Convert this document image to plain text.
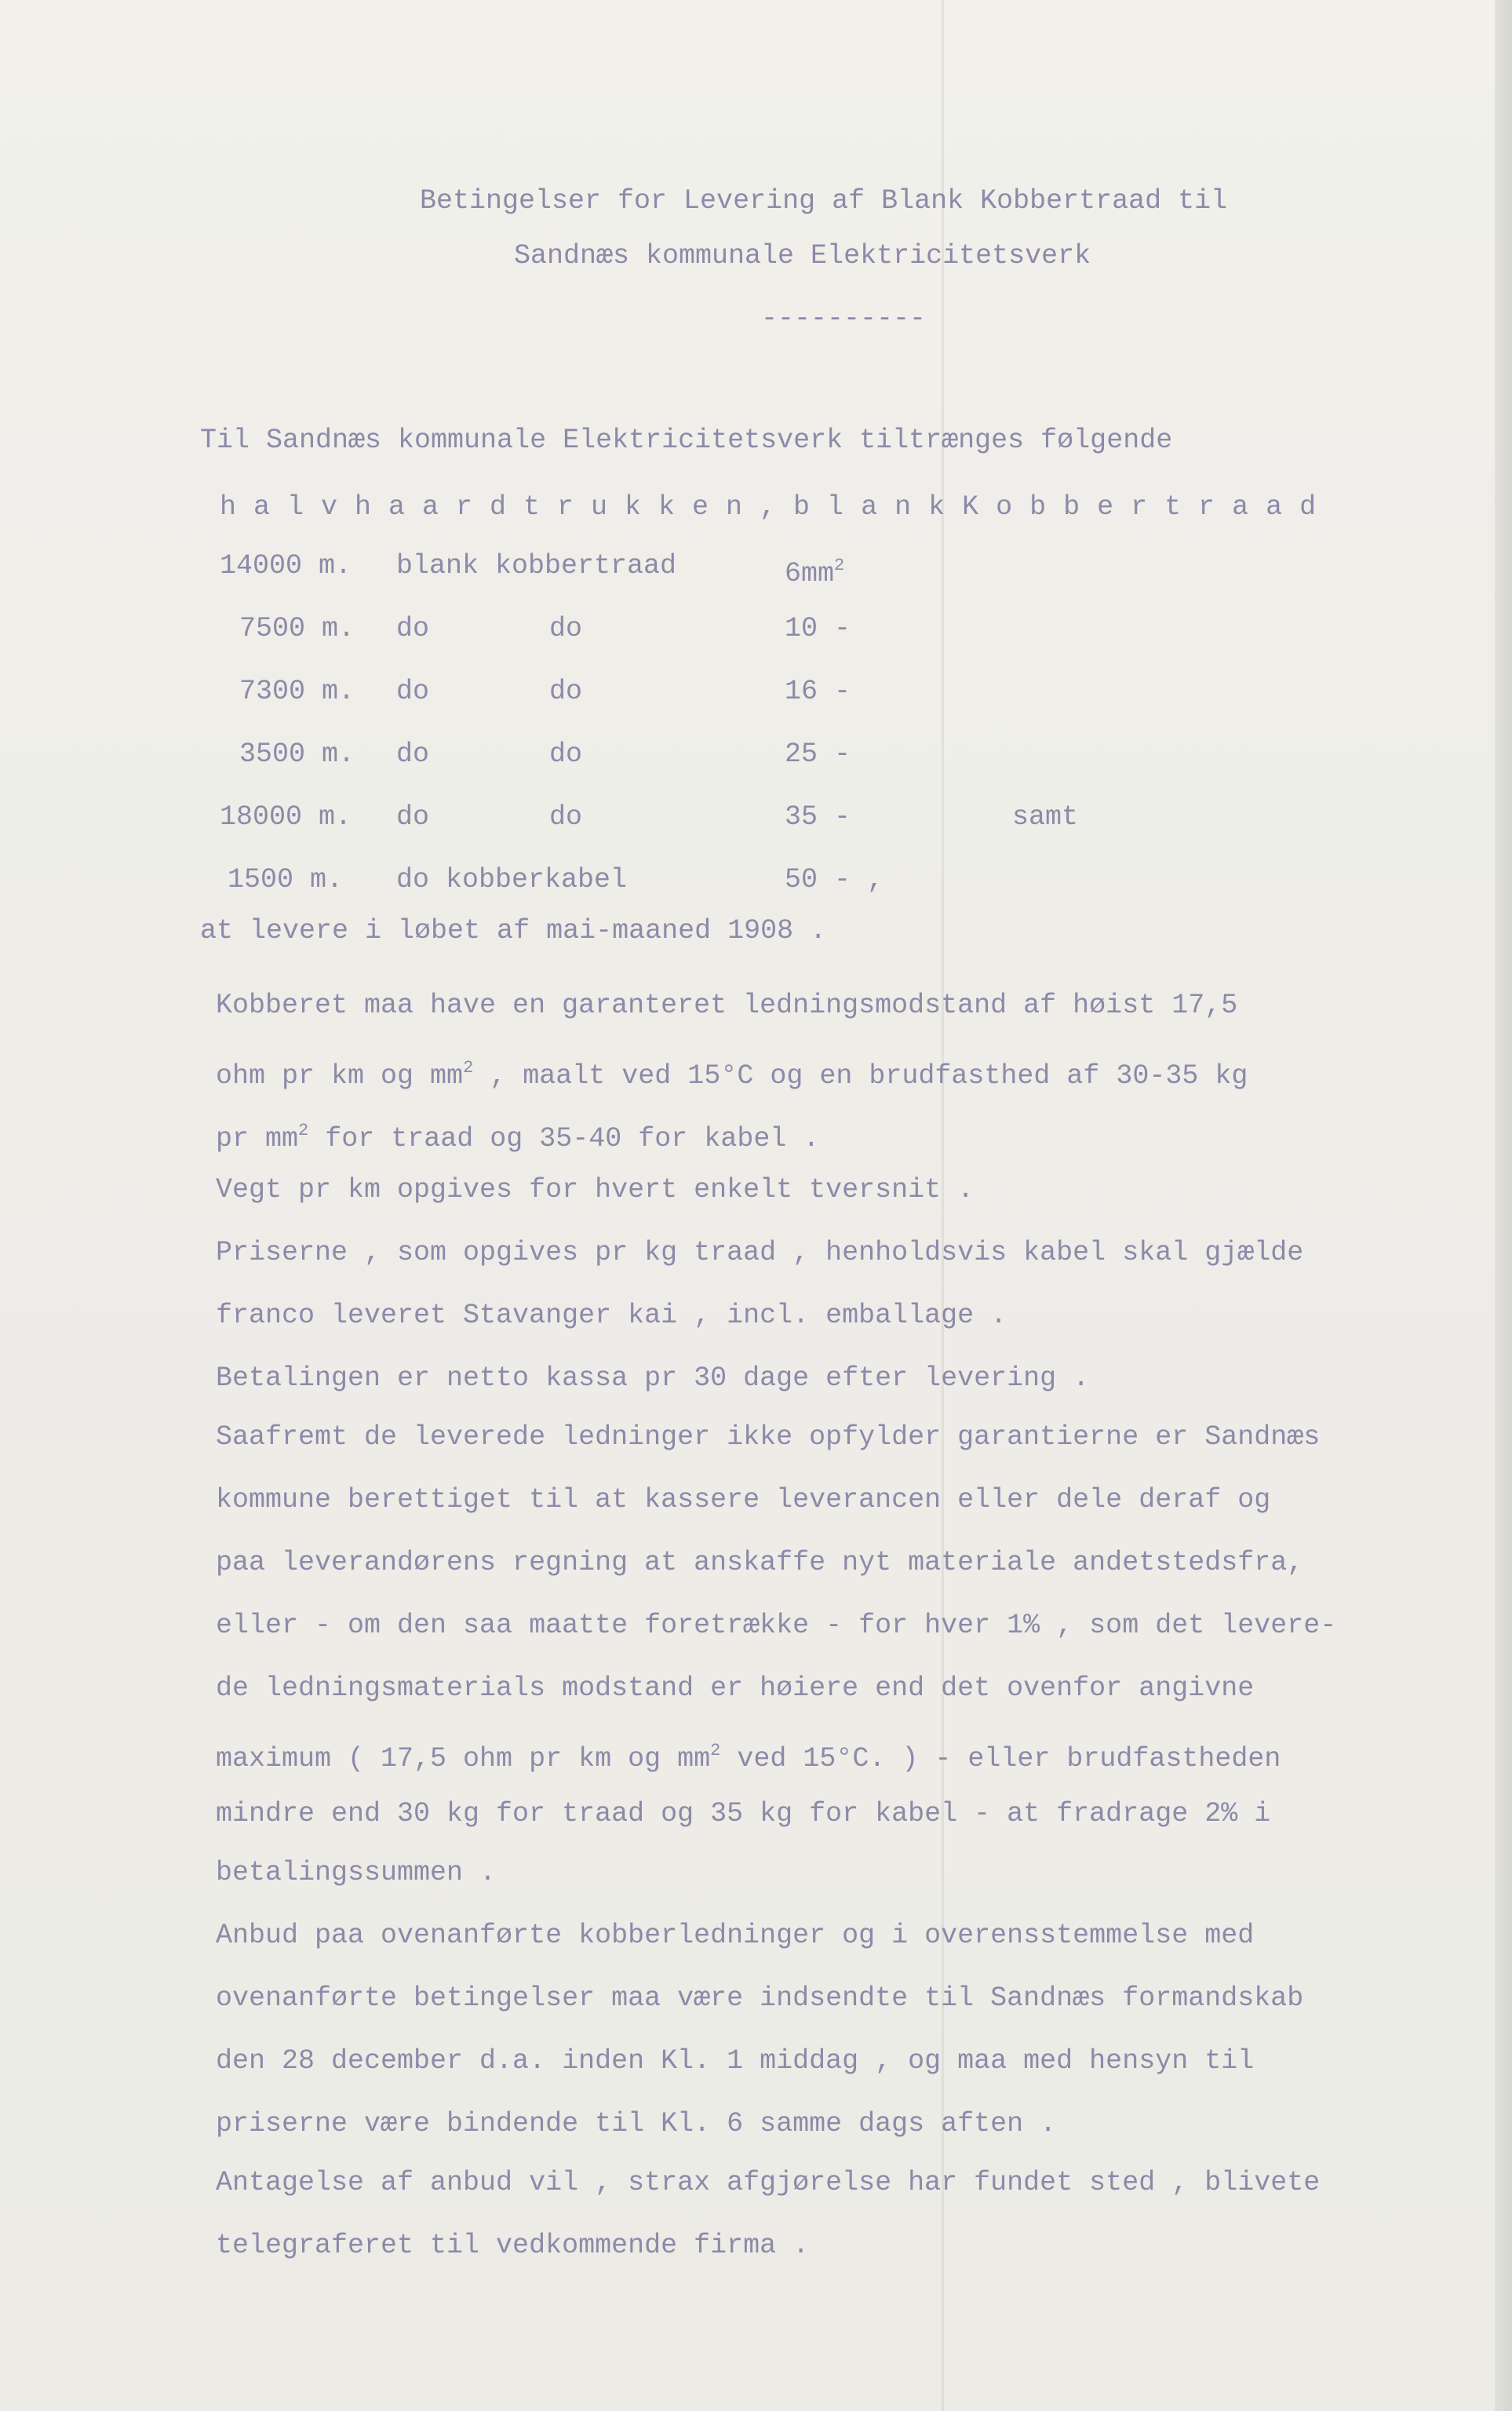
Betingelser for Levering af Blank Kobbertraad til
Sandnæs kommunale Elektricitetsverk
----------
Til Sandnæs kommunale Elektricitetsverk tiltrænges følgende
halvhaardtrukken,blankKobbertraad
14000 m. blank kobbertraad	$6mm^2$
7500 m. do	do	10 -
7300 m. do	do	16 -
3500 m. do	do	25 -
18000 m. do	do	35 -	samt
1500 m. do kobberkabel	50 - ,
at levere i løbet af mai-maaned 1908 .
Kobberet maa have en garanteret ledningsmodstand af høist 17,5
ohm pr km og $mm^2$ , maalt ved 15°C og en brudfasthed af 30-35 kg
pr $mm^2$ for traad og 35-40 for kabel .
Vegt pr km opgives for hvert enkelt tversnit .
Priserne , som opgives pr kg traad , henholdsvis kabel skal gjælde
franco leveret Stavanger kai , incl. emballage .
Betalingen er netto kassa pr 30 dage efter levering .
Saafremt de leverede ledninger ikke opfylder garantierne er Sandnæs
kommune berettiget til at kassere leverancen eller dele deraf og
paa leverandørens regning at anskaffe nyt materiale andetstedsfra,
eller - om den saa maatte foretrække - for hver 1% , som det levere-
de ledningsmaterials modstand er høiere end det ovenfor angivne
maximum ( 17,5 ohm pr km og $mm^2$ ved 15°C. ) - eller brudfastheden
mindre end 30 kg for traad og 35 kg for kabel - at fradrage 2% i
betalingssummen .
Anbud paa ovenanførte kobberledninger og i overensstemmelse med
ovenanførte betingelser maa være indsendte til Sandnæs formandskab
den 28 december d.a. inden Kl. 1 middag , og maa med hensyn til
priserne være bindende til Kl. 6 samme dags aften .
Antagelse af anbud vil , strax afgjørelse har fundet sted , blivete
telegraferet til vedkommende firma .
